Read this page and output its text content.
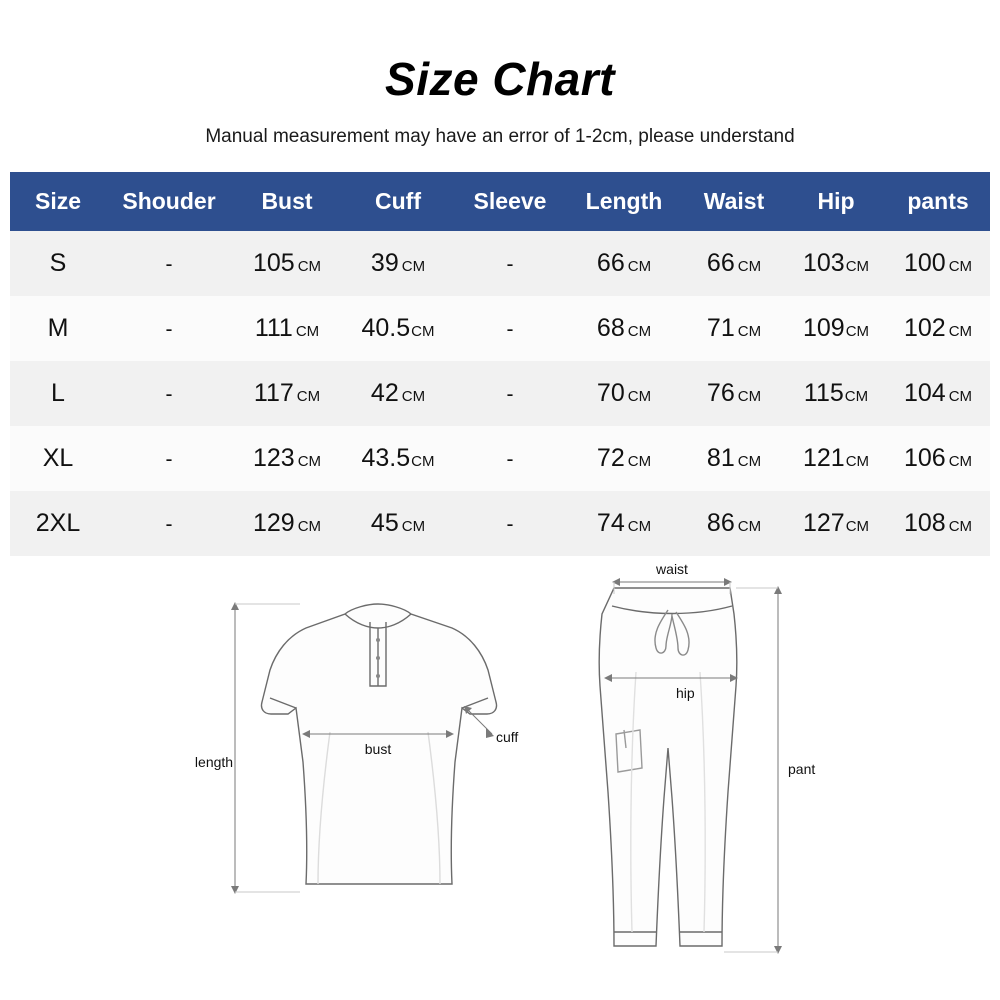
Size Chart

Manual measurement may have an error of 1-2cm, please understand

Size	Shouder	Bust	Cuff	Sleeve	Length	Waist	Hip	pants
S	-	105 CM	39 CM	-	66 CM	66 CM	103CM	100 CM
M	-	111 CM	40.5CM	-	68 CM	71 CM	109CM	102 CM
L	-	117 CM	42 CM	-	70 CM	76 CM	115CM	104 CM
XL	-	123 CM	43.5CM	-	72 CM	81 CM	121CM	106 CM
2XL	-	129 CM	45 CM	-	74 CM	86 CM	127CM	108 CM
length
bust
cuff
waist
hip
pant
